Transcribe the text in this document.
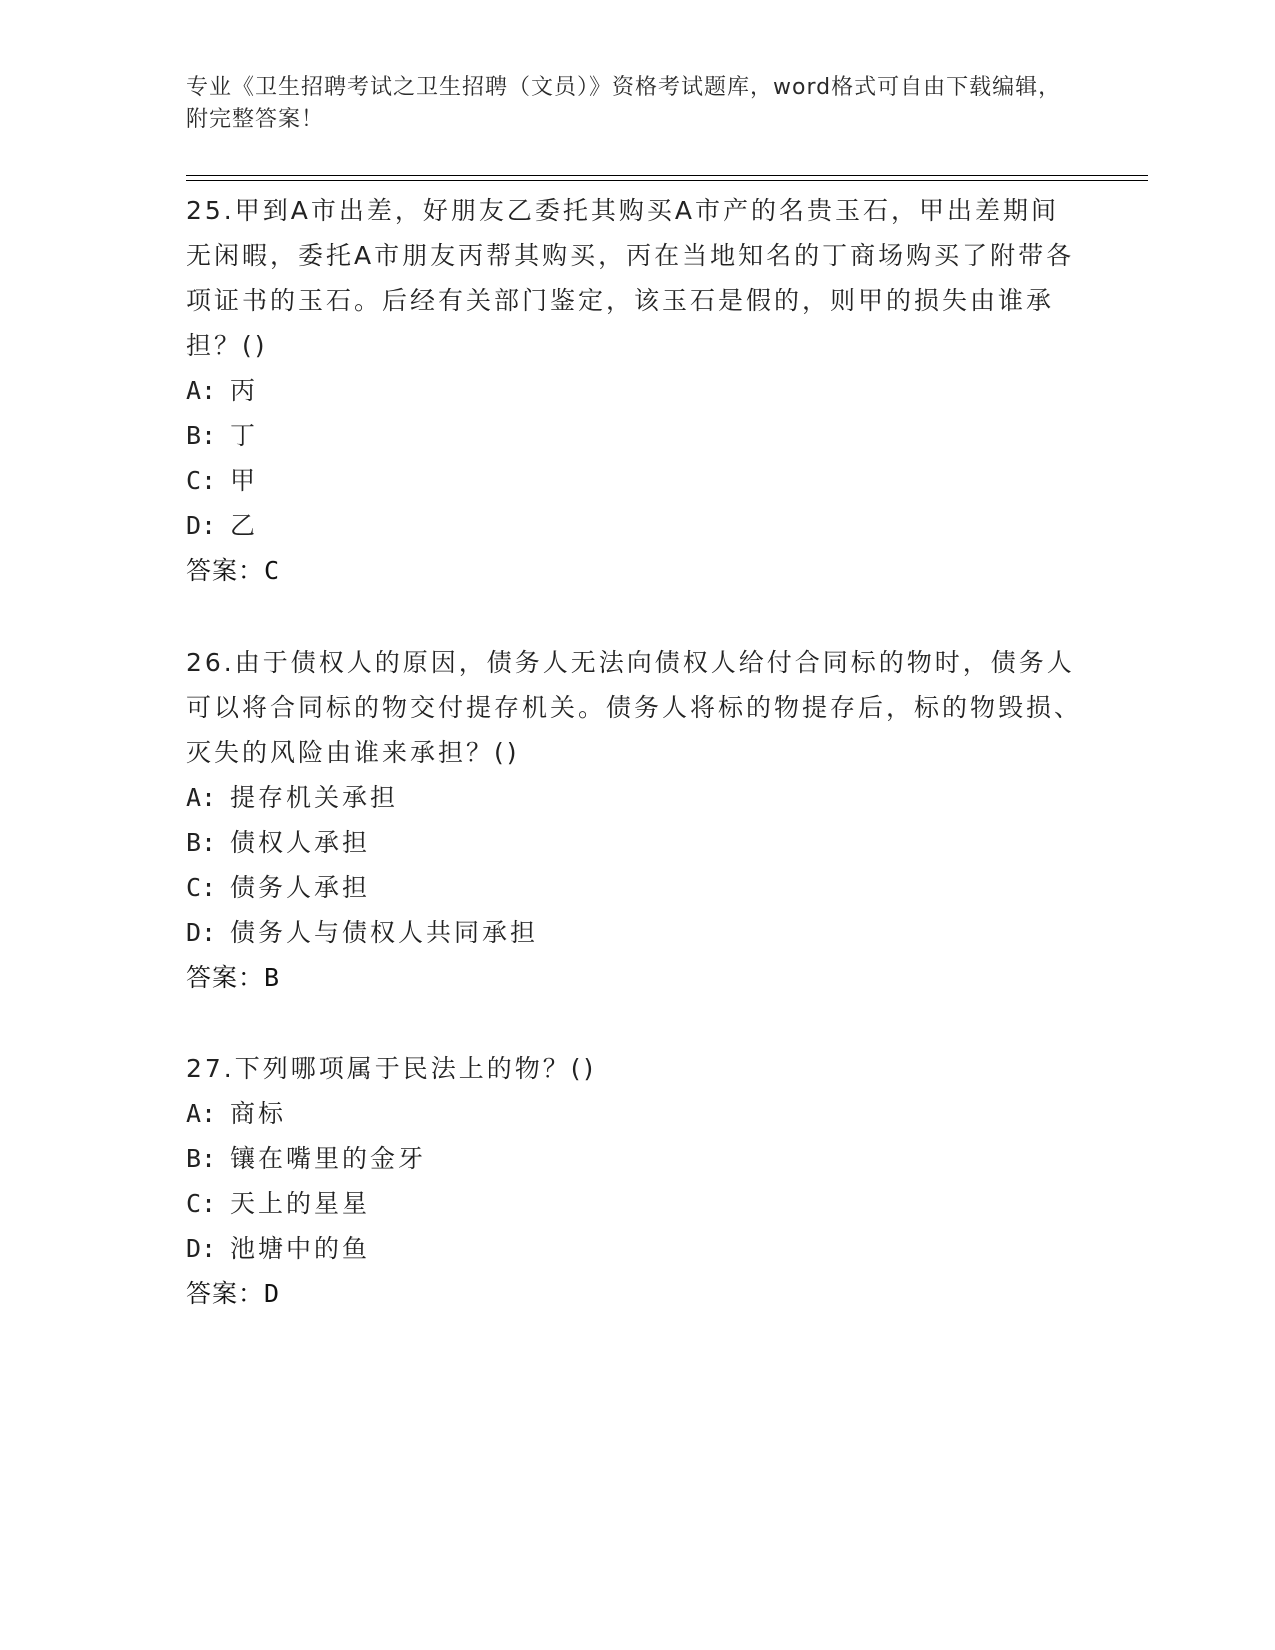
专业《卫生招聘考试之卫生招聘（文员）》资格考试题库，word格式可自由下载编辑，附完整答案！
25.甲到A市出差，好朋友乙委托其购买A市产的名贵玉石，甲出差期间无闲暇，委托A市朋友丙帮其购买，丙在当地知名的丁商场购买了附带各项证书的玉石。后经有关部门鉴定，该玉石是假的，则甲的损失由谁承担？()
A: 丙
B: 丁
C: 甲
D: 乙
答案：C
26.由于债权人的原因，债务人无法向债权人给付合同标的物时，债务人可以将合同标的物交付提存机关。债务人将标的物提存后，标的物毁损、灭失的风险由谁来承担？()
A: 提存机关承担
B: 债权人承担
C: 债务人承担
D: 债务人与债权人共同承担
答案：B
27.下列哪项属于民法上的物？()
A: 商标
B: 镶在嘴里的金牙
C: 天上的星星
D: 池塘中的鱼
答案：D
